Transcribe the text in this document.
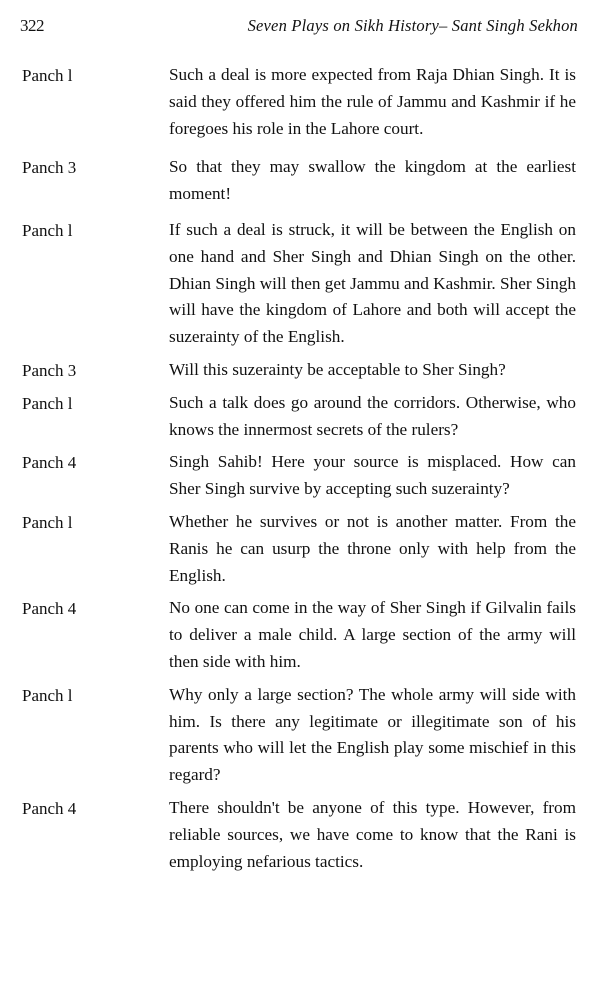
322	Seven Plays on Sikh History– Sant Singh Sekhon
Panch l	Such a deal is more expected from Raja Dhian Singh. It is said they offered him the rule of Jammu and Kashmir if he foregoes his role in the Lahore court.
Panch 3	So that they may swallow the kingdom at the earliest moment!
Panch l	If such a deal is struck, it will be between the English on one hand and Sher Singh and Dhian Singh on the other. Dhian Singh will then get Jammu and Kashmir. Sher Singh will have the kingdom of Lahore and both will accept the suzerainty of the English.
Panch 3	Will this suzerainty be acceptable to Sher Singh?
Panch l	Such a talk does go around the corridors. Otherwise, who knows the innermost secrets of the rulers?
Panch 4	Singh Sahib! Here your source is misplaced. How can Sher Singh survive by accepting such suzerainty?
Panch l	Whether he survives or not is another matter. From the Ranis he can usurp the throne only with help from the English.
Panch 4	No one can come in the way of Sher Singh if Gilvalin fails to deliver a male child. A large section of the army will then side with him.
Panch l	Why only a large section? The whole army will side with him. Is there any legitimate or illegitimate son of his parents who will let the English play some mischief in this regard?
Panch 4	There shouldn't be anyone of this type. However, from reliable sources, we have come to know that the Rani is employing nefarious tactics.
